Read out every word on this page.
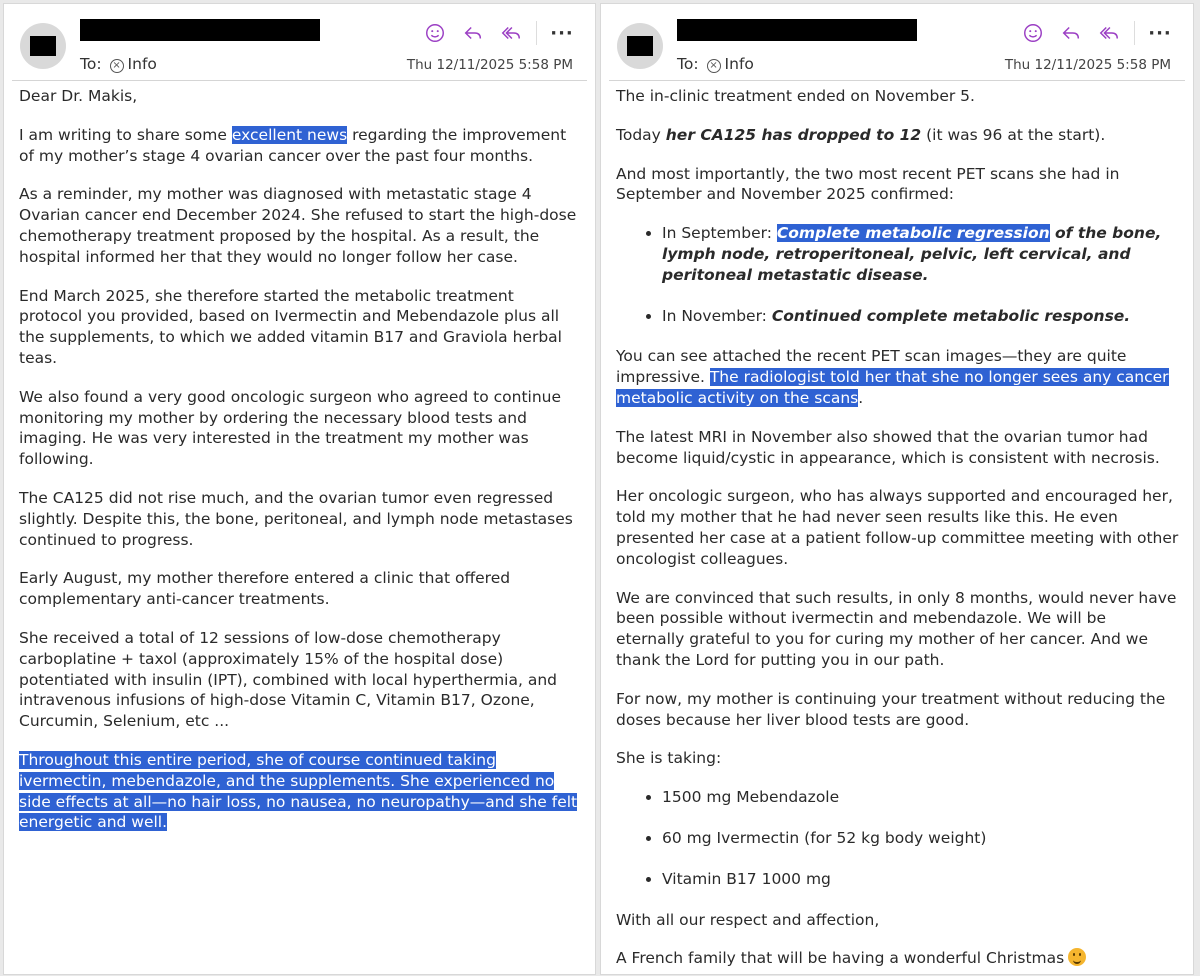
···
To: × Info	Thu 12/11/2025 5:58 PM

Dear Dr. Makis,

I am writing to share some excellent news regarding the improvement of my mother’s stage 4 ovarian cancer over the past four months.

As a reminder, my mother was diagnosed with metastatic stage 4 Ovarian cancer end December 2024. She refused to start the high-dose chemotherapy treatment proposed by the hospital. As a result, the hospital informed her that they would no longer follow her case.

End March 2025, she therefore started the metabolic treatment protocol you provided, based on Ivermectin and Mebendazole plus all the supplements, to which we added vitamin B17 and Graviola herbal teas.

We also found a very good oncologic surgeon who agreed to continue monitoring my mother by ordering the necessary blood tests and imaging. He was very interested in the treatment my mother was following.

The CA125 did not rise much, and the ovarian tumor even regressed slightly. Despite this, the bone, peritoneal, and lymph node metastases continued to progress.

Early August, my mother therefore entered a clinic that offered complementary anti-cancer treatments.

She received a total of 12 sessions of low-dose chemotherapy carboplatine + taxol (approximately 15% of the hospital dose) potentiated with insulin (IPT), combined with local hyperthermia, and intravenous infusions of high-dose Vitamin C, Vitamin B17, Ozone, Curcumin, Selenium, etc ...

Throughout this entire period, she of course continued taking ivermectin, mebendazole, and the supplements. She experienced no side effects at all—no hair loss, no nausea, no neuropathy—and she felt energetic and well.

···
To: × Info	Thu 12/11/2025 5:58 PM

The in-clinic treatment ended on November 5.

Today her CA125 has dropped to 12 (it was 96 at the start).

And most importantly, the two most recent PET scans she had in September and November 2025 confirmed:

• In September: Complete metabolic regression of the bone, lymph node, retroperitoneal, pelvic, left cervical, and peritoneal metastatic disease.
• In November: Continued complete metabolic response.

You can see attached the recent PET scan images—they are quite impressive. The radiologist told her that she no longer sees any cancer metabolic activity on the scans.

The latest MRI in November also showed that the ovarian tumor had become liquid/cystic in appearance, which is consistent with necrosis.

Her oncologic surgeon, who has always supported and encouraged her, told my mother that he had never seen results like this. He even presented her case at a patient follow-up committee meeting with other oncologist colleagues.

We are convinced that such results, in only 8 months, would never have been possible without ivermectin and mebendazole. We will be eternally grateful to you for curing my mother of her cancer. And we thank the Lord for putting you in our path.

For now, my mother is continuing your treatment without reducing the doses because her liver blood tests are good.

She is taking:

• 1500 mg Mebendazole
• 60 mg Ivermectin (for 52 kg body weight)
• Vitamin B17 1000 mg

With all our respect and affection,

A French family that will be having a wonderful Christmas
